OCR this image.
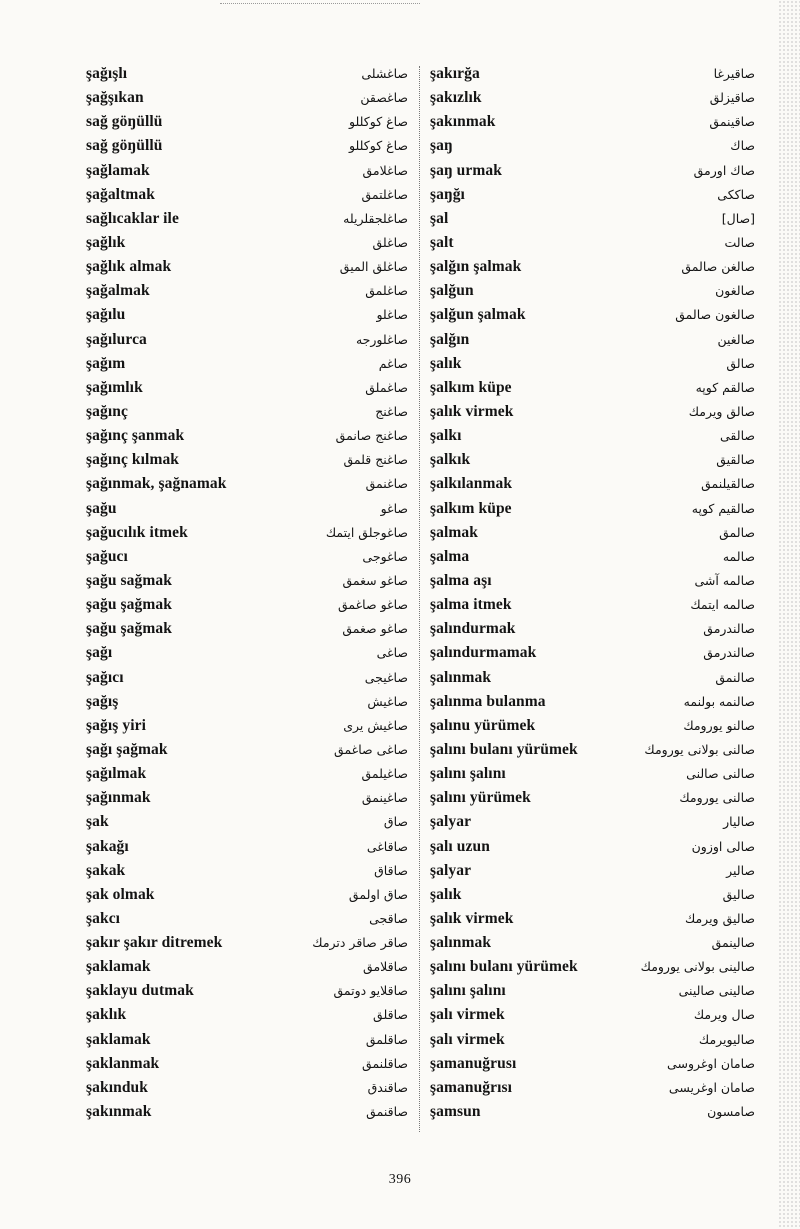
şağışlı	صاغشلى
şağşıkan	صاغصقن
sağ göŋüllü	صاغ كوكللو
sağ göŋüllü	صاغ كوكللو
şağlamak	صاغلامق
şağaltmak	صاغلتمق
sağlıcaklar ile	صاغلجقلريله
şağlık	صاغلق
şağlık almak	صاغلق الميق
şağalmak	صاغلمق
şağılu	صاغلو
şağılurca	صاغلورجه
şağım	صاغم
şağımlık	صاغملق
şağınç	صاغنج
şağınç şanmak	صاغنج صانمق
şağınç kılmak	صاغنج قلمق
şağınmak, şağnamak	صاغنمق
şağu	صاغو
şağucılık itmek	صاغوجلق ايتمك
şağucı	صاغوجى
şağu sağmak	صاغو سغمق
şağu şağmak	صاغو صاغمق
şağu şağmak	صاغو صغمق
şağı	صاغى
şağıcı	صاغيجى
şağış	صاغيش
şağış yiri	صاغيش يرى
şağı şağmak	صاغى صاغمق
şağılmak	صاغيلمق
şağınmak	صاغينمق
şak	صاق
şakağı	صاقاغى
şakak	صاقاق
şak olmak	صاق اولمق
şakcı	صاقجى
şakır şakır ditremek	صاقر صاقر دترمك
şaklamak	صاقلامق
şaklayu dutmak	صاقلايو دوتمق
şaklık	صاقلق
şaklamak	صاقلمق
şaklanmak	صاقلنمق
şakınduk	صاقندق
şakınmak	صاقنمق
şakırğa	صاقيرغا
şakızlık	صاقيزلق
şakınmak	صاقينمق
şaŋ	صاك
şaŋ urmak	صاك اورمق
şaŋğı	صاككى
şal	[صال]
şalt	صالت
şalğın şalmak	صالغن صالمق
şalğun	صالغون
şalğun şalmak	صالغون صالمق
şalğın	صالغين
şalık	صالق
şalkım küpe	صالقم كوپه
şalık virmek	صالق ويرمك
şalkı	صالقى
şalkık	صالقيق
şalkılanmak	صالقيلنمق
şalkım küpe	صالقيم كوپه
şalmak	صالمق
şalma	صالمه
şalma aşı	صالمه آشى
şalma itmek	صالمه ايتمك
şalındurmak	صالندرمق
şalındurmamak	صالندرمق
şalınmak	صالنمق
şalınma bulanma	صالنمه بولنمه
şalınu yürümek	صالنو يورومك
şalını bulanı yürümek	صالنى بولانى يورومك
şalını şalını	صالنى صالنى
şalını yürümek	صالنى يورومك
şalyar	صاليار
şalı uzun	صالى اوزون
şalyar	صالير
şalık	صاليق
şalık virmek	صاليق ويرمك
şalınmak	صالينمق
şalını bulanı yürümek	صالينى بولانى يورومك
şalını şalını	صالينى صالينى
şalı virmek	صال ويرمك
şalı virmek	صاليويرمك
şamanuğrusı	صامان اوغروسى
şamanuğrısı	صامان اوغريسى
şamsun	صامسون
396
